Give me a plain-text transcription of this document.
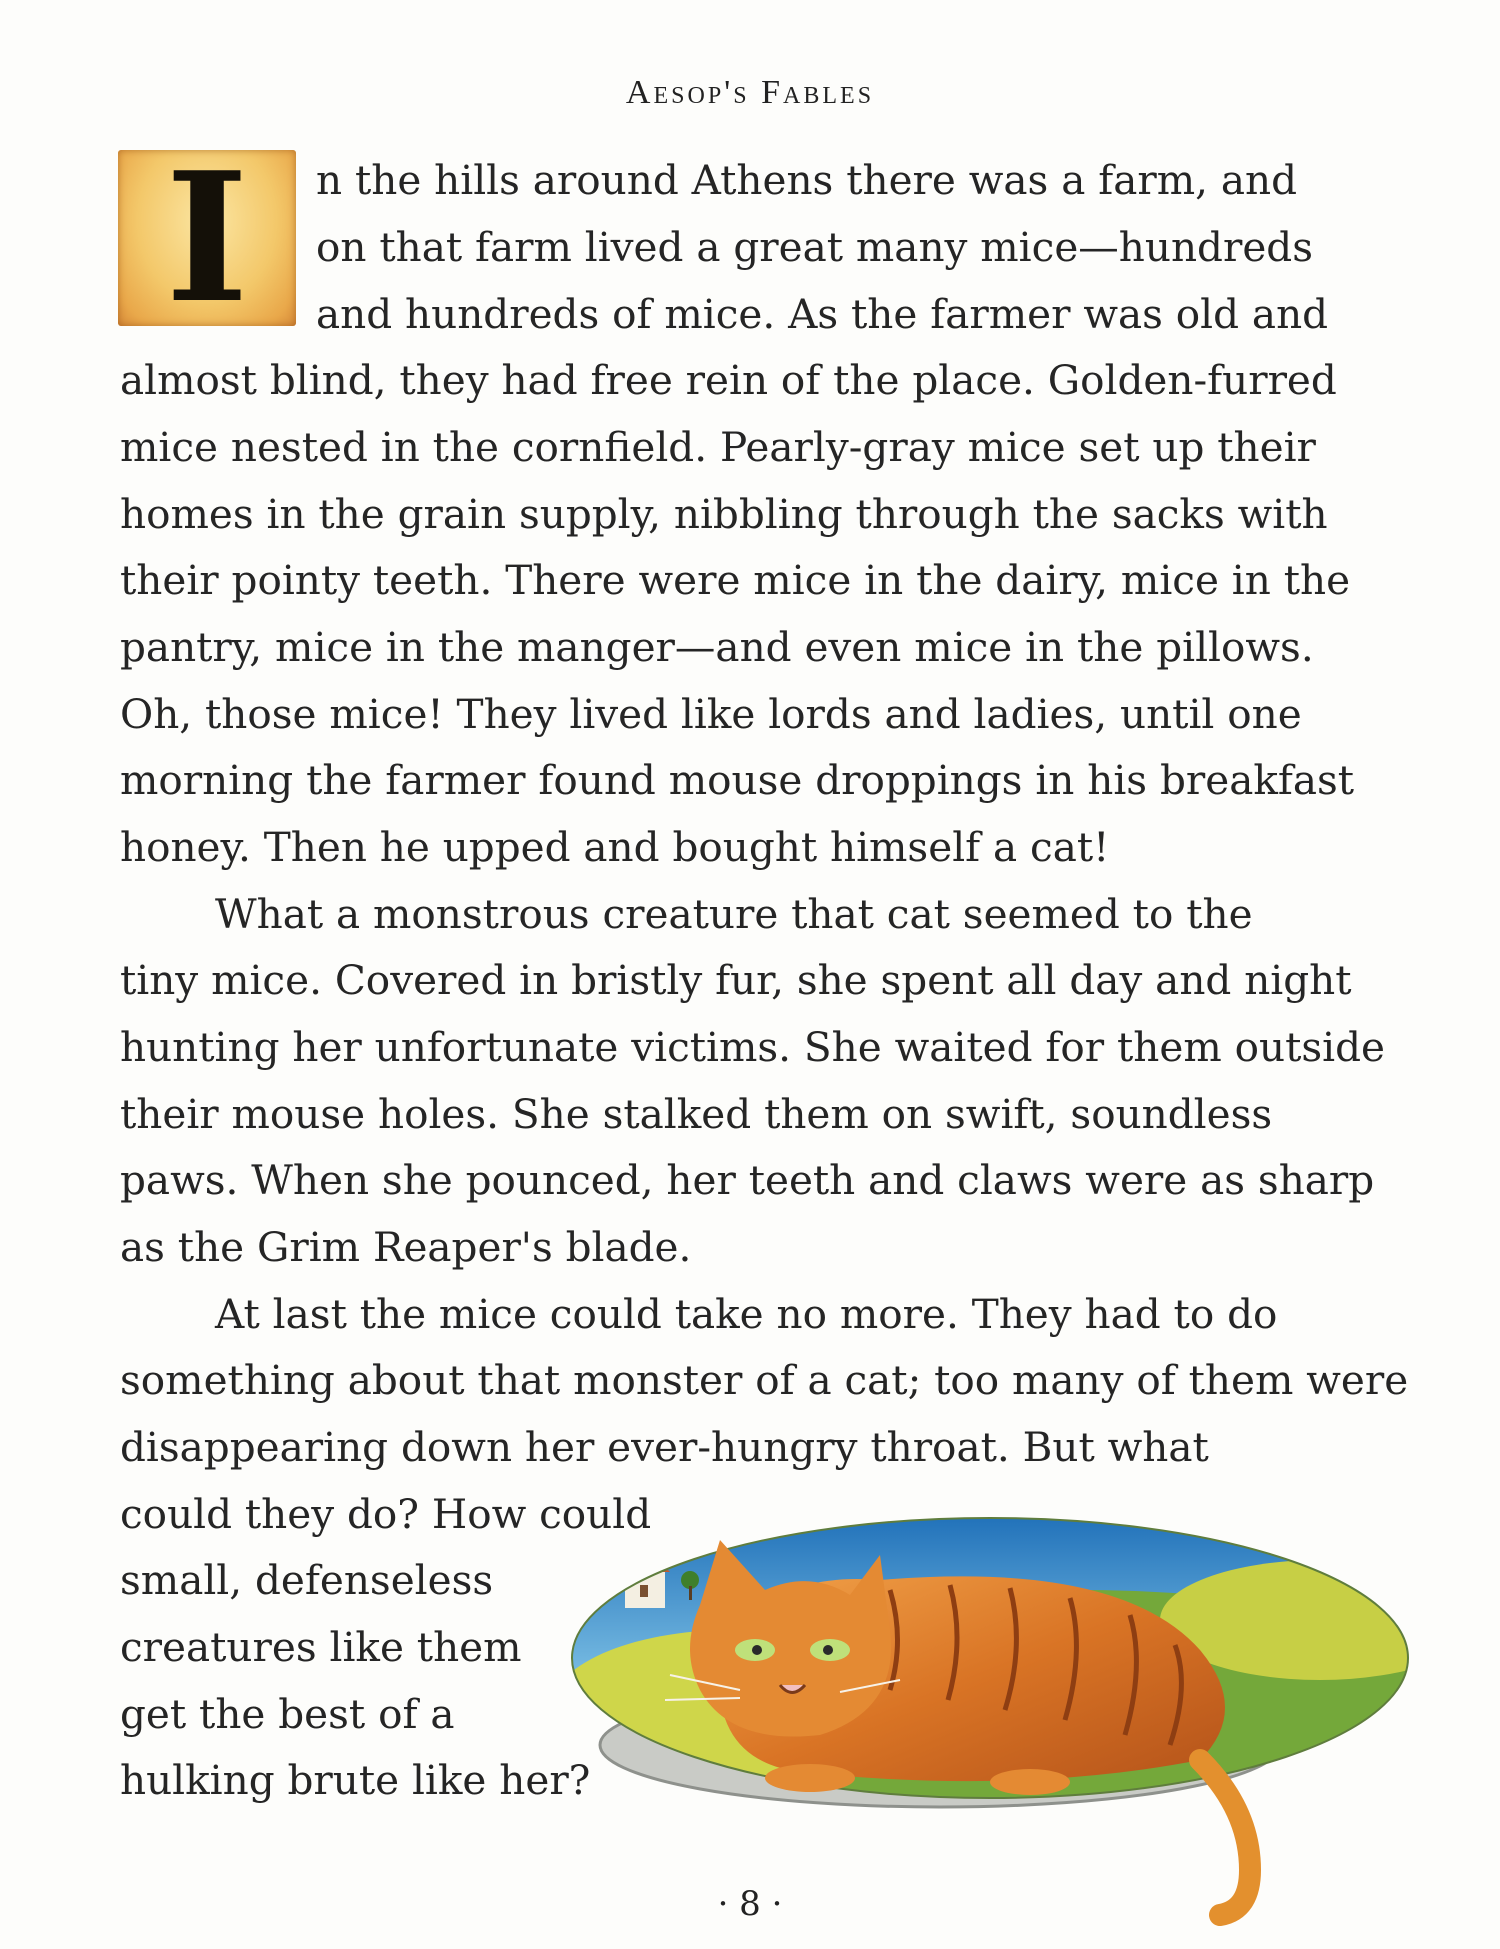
Aesop's Fables
I	n the hills around Athens there was a farm, and
on that farm lived a great many mice—hundreds
and hundreds of mice. As the farmer was old and
almost blind, they had free rein of the place. Golden-furred
mice nested in the cornfield. Pearly-gray mice set up their
homes in the grain supply, nibbling through the sacks with
their pointy teeth. There were mice in the dairy, mice in the
pantry, mice in the manger—and even mice in the pillows.
Oh, those mice! They lived like lords and ladies, until one
morning the farmer found mouse droppings in his breakfast
honey. Then he upped and bought himself a cat!
What a monstrous creature that cat seemed to the
tiny mice. Covered in bristly fur, she spent all day and night
hunting her unfortunate victims. She waited for them outside
their mouse holes. She stalked them on swift, soundless
paws. When she pounced, her teeth and claws were as sharp
as the Grim Reaper's blade.
At last the mice could take no more. They had to do
something about that monster of a cat; too many of them were
disappearing down her ever-hungry throat. But what
could they do? How could
small, defenseless
creatures like them
get the best of a
hulking brute like her?
· 8 ·
